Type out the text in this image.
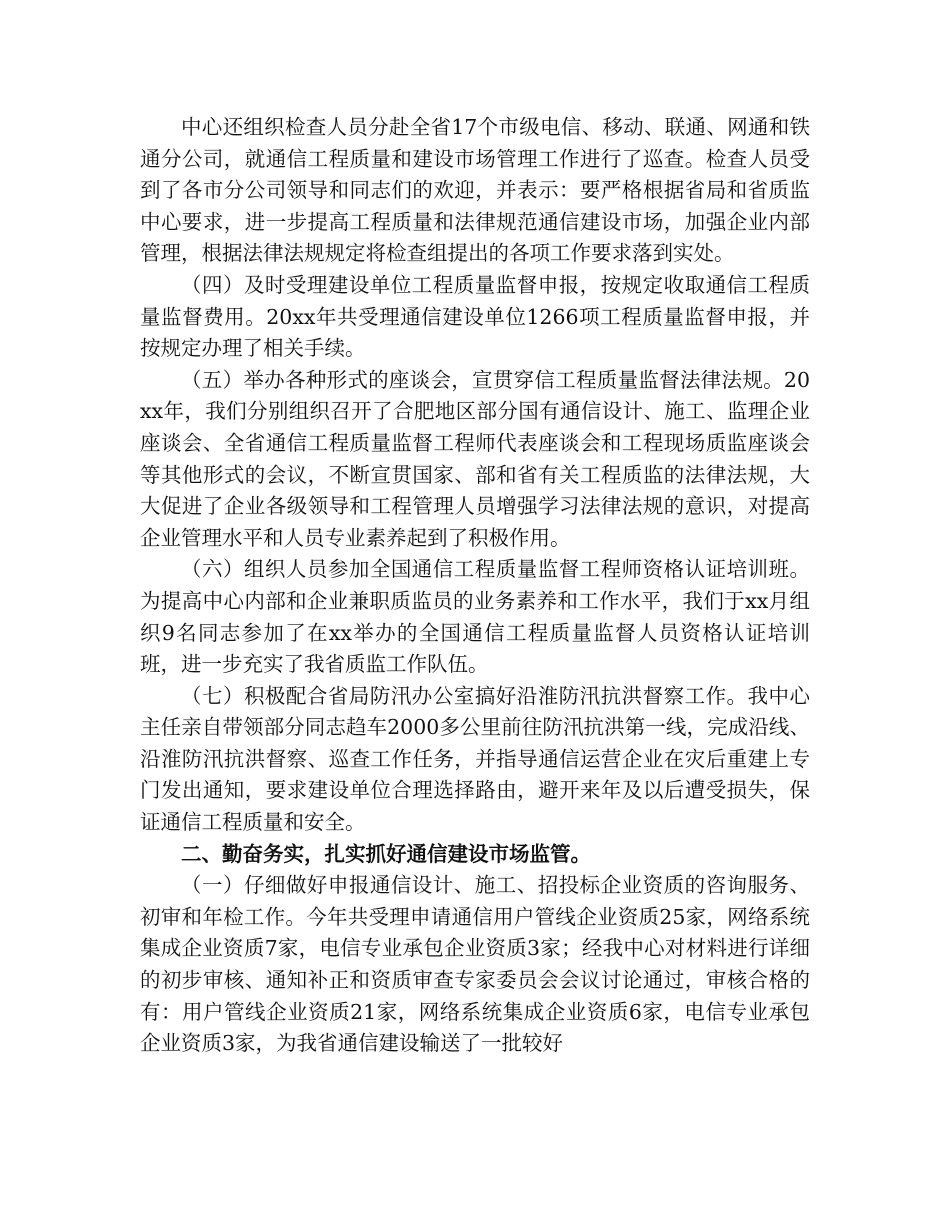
中心还组织检查人员分赴全省17个市级电信、移动、联通、网通和铁通分公司，就通信工程质量和建设市场管理工作进行了巡查。检查人员受到了各市分公司领导和同志们的欢迎，并表示：要严格根据省局和省质监中心要求，进一步提高工程质量和法律规范通信建设市场，加强企业内部管理，根据法律法规规定将检查组提出的各项工作要求落到实处。

（四）及时受理建设单位工程质量监督申报，按规定收取通信工程质量监督费用。20xx年共受理通信建设单位1266项工程质量监督申报，并按规定办理了相关手续。

（五）举办各种形式的座谈会，宣贯穿信工程质量监督法律法规。20xx年，我们分别组织召开了合肥地区部分国有通信设计、施工、监理企业座谈会、全省通信工程质量监督工程师代表座谈会和工程现场质监座谈会等其他形式的会议，不断宣贯国家、部和省有关工程质监的法律法规，大大促进了企业各级领导和工程管理人员增强学习法律法规的意识，对提高企业管理水平和人员专业素养起到了积极作用。

（六）组织人员参加全国通信工程质量监督工程师资格认证培训班。为提高中心内部和企业兼职质监员的业务素养和工作水平，我们于xx月组织9名同志参加了在xx举办的全国通信工程质量监督人员资格认证培训班，进一步充实了我省质监工作队伍。

（七）积极配合省局防汛办公室搞好沿淮防汛抗洪督察工作。我中心主任亲自带领部分同志趋车2000多公里前往防汛抗洪第一线，完成沿线、沿淮防汛抗洪督察、巡查工作任务，并指导通信运营企业在灾后重建上专门发出通知，要求建设单位合理选择路由，避开来年及以后遭受损失，保证通信工程质量和安全。

二、勤奋务实，扎实抓好通信建设市场监管。

（一）仔细做好申报通信设计、施工、招投标企业资质的咨询服务、初审和年检工作。今年共受理申请通信用户管线企业资质25家，网络系统集成企业资质7家，电信专业承包企业资质3家；经我中心对材料进行详细的初步审核、通知补正和资质审查专家委员会会议讨论通过，审核合格的有：用户管线企业资质21家，网络系统集成企业资质6家，电信专业承包企业资质3家，为我省通信建设输送了一批较好
